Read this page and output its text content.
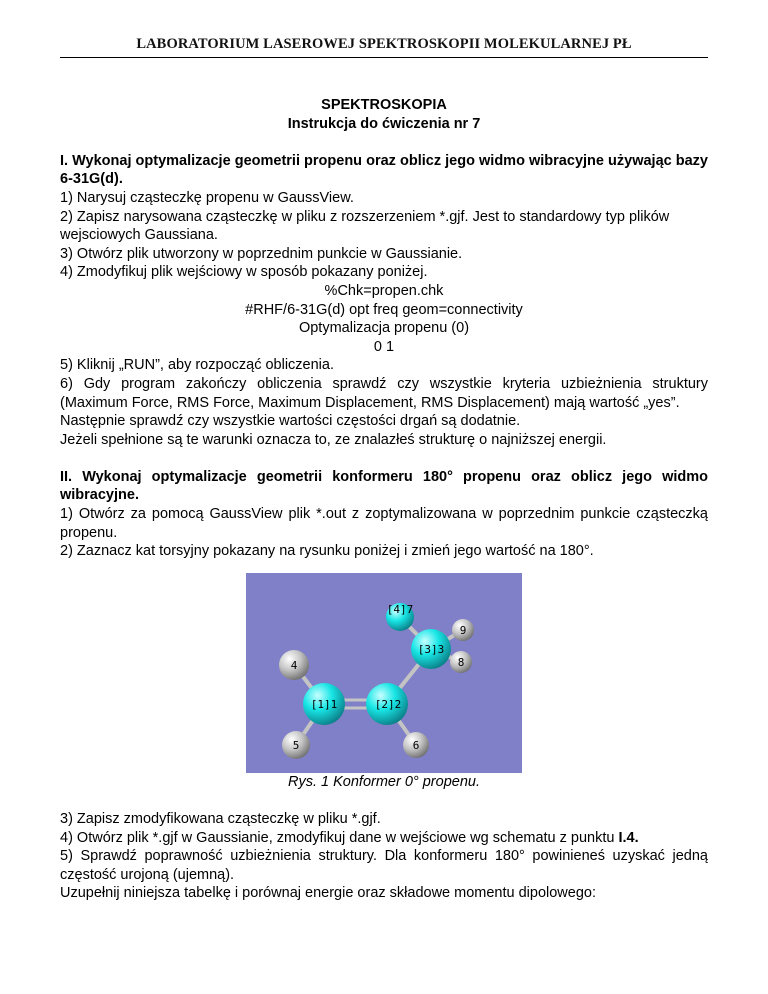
LABORATORIUM LASEROWEJ SPEKTROSKOPII MOLEKULARNEJ PŁ

SPEKTROSKOPIA

Instrukcja do ćwiczenia nr 7

I. Wykonaj optymalizacje geometrii propenu oraz oblicz jego widmo wibracyjne używając bazy 6-31G(d).

1) Narysuj cząsteczkę propenu w GaussView.

2) Zapisz narysowana cząsteczkę w pliku z rozszerzeniem *.gjf. Jest to standardowy typ plików wejsciowych Gaussiana.

3) Otwórz plik utworzony w poprzednim punkcie w Gaussianie.

4) Zmodyfikuj plik wejściowy w sposób pokazany poniżej.

%Chk=propen.chk

#RHF/6-31G(d) opt freq geom=connectivity

Optymalizacja propenu (0)

0 1

5) Kliknij „RUN”, aby rozpocząć obliczenia.

6) Gdy program zakończy obliczenia sprawdź czy wszystkie kryteria uzbieżnienia struktury (Maximum Force, RMS Force, Maximum Displacement, RMS Displacement) mają wartość „yes”.

Następnie sprawdź czy wszystkie wartości częstości drgań są dodatnie.

Jeżeli spełnione są te warunki oznacza to, ze znalazłeś strukturę o najniższej energii.

II. Wykonaj optymalizacje geometrii konformeru 180° propenu oraz oblicz jego widmo wibracyjne.

1) Otwórz za pomocą GaussView plik *.out z zoptymalizowana w poprzednim punkcie cząsteczką propenu.

2) Zaznacz kat torsyjny pokazany na rysunku poniżej i zmień jego wartość na 180°.

[1]1	[2]2
[3]3
[4]7
4
5	6
8
9

Rys. 1 Konformer 0° propenu.

3) Zapisz zmodyfikowana cząsteczkę w pliku *.gjf.

4) Otwórz plik *.gjf w Gaussianie, zmodyfikuj dane w wejściowe wg schematu z punktu I.4.

5) Sprawdź poprawność uzbieżnienia struktury. Dla konformeru 180° powinieneś uzyskać jedną częstość urojoną (ujemną).

Uzupełnij niniejsza tabelkę i porównaj energie oraz składowe momentu dipolowego:
